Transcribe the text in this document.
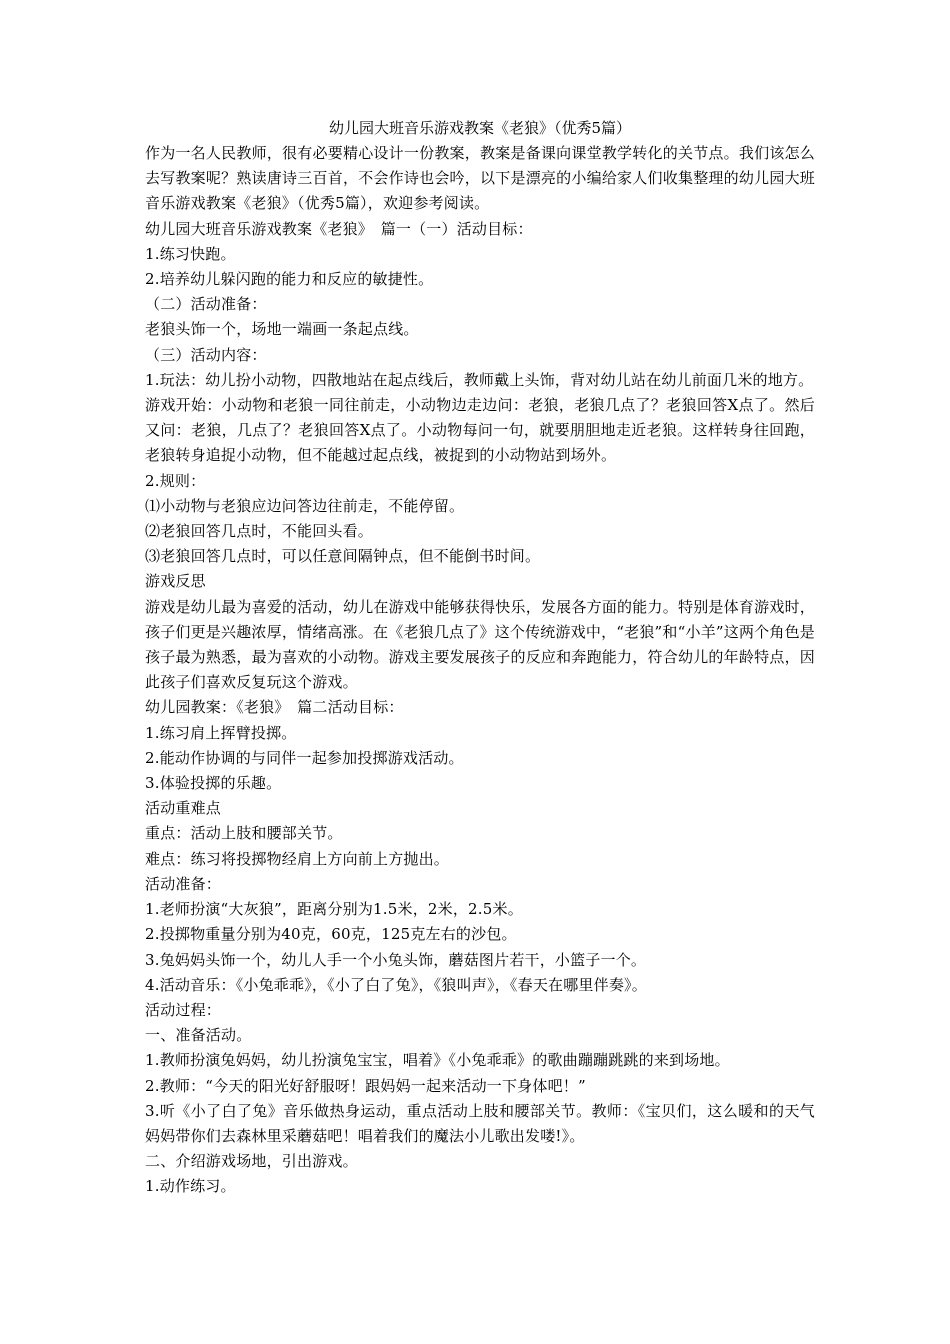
幼儿园大班音乐游戏教案《老狼》（优秀5篇）

作为一名人民教师，很有必要精心设计一份教案，教案是备课向课堂教学转化的关节点。我们该怎么去写教案呢？熟读唐诗三百首，不会作诗也会吟，以下是漂亮的小编给家人们收集整理的幼儿园大班音乐游戏教案《老狼》（优秀5篇），欢迎参考阅读。

幼儿园大班音乐游戏教案《老狼》　篇一（一）活动目标：

1.练习快跑。

2.培养幼儿躲闪跑的能力和反应的敏捷性。

（二）活动准备：

老狼头饰一个，场地一端画一条起点线。

（三）活动内容：

1.玩法：幼儿扮小动物，四散地站在起点线后，教师戴上头饰，背对幼儿站在幼儿前面几米的地方。

游戏开始：小动物和老狼一同往前走，小动物边走边问：老狼，老狼几点了？老狼回答X点了。然后又问：老狼，几点了？老狼回答X点了。小动物每问一句，就要朋胆地走近老狼。这样转身往回跑，老狼转身追捉小动物，但不能越过起点线，被捉到的小动物站到场外。

2.规则：

⑴小动物与老狼应边问答边往前走，不能停留。

⑵老狼回答几点时，不能回头看。

⑶老狼回答几点时，可以任意间隔钟点，但不能倒书时间。

游戏反思

游戏是幼儿最为喜爱的活动，幼儿在游戏中能够获得快乐，发展各方面的能力。特别是体育游戏时，孩子们更是兴趣浓厚，情绪高涨。在《老狼几点了》这个传统游戏中，“老狼”和“小羊”这两个角色是孩子最为熟悉，最为喜欢的小动物。游戏主要发展孩子的反应和奔跑能力，符合幼儿的年龄特点，因此孩子们喜欢反复玩这个游戏。

幼儿园教案：《老狼》　篇二活动目标：

1.练习肩上挥臂投掷。

2.能动作协调的与同伴一起参加投掷游戏活动。

3.体验投掷的乐趣。

活动重难点

重点：活动上肢和腰部关节。

难点：练习将投掷物经肩上方向前上方抛出。

活动准备：

1.老师扮演“大灰狼”，距离分别为1.5米，2米，2.5米。

2.投掷物重量分别为40克，60克，125克左右的沙包。

3.兔妈妈头饰一个，幼儿人手一个小兔头饰，蘑菇图片若干，小篮子一个。

4.活动音乐：《小兔乖乖》，《小了白了兔》，《狼叫声》，《春天在哪里伴奏》。

活动过程：

一、准备活动。

1.教师扮演兔妈妈，幼儿扮演兔宝宝，唱着》《小兔乖乖》的歌曲蹦蹦跳跳的来到场地。

2.教师：“今天的阳光好舒服呀！跟妈妈一起来活动一下身体吧！”

3.听《小了白了兔》音乐做热身运动，重点活动上肢和腰部关节。教师：《宝贝们，这么暖和的天气妈妈带你们去森林里采蘑菇吧！唱着我们的魔法小儿歌出发喽!》。

二、介绍游戏场地，引出游戏。

1.动作练习。
